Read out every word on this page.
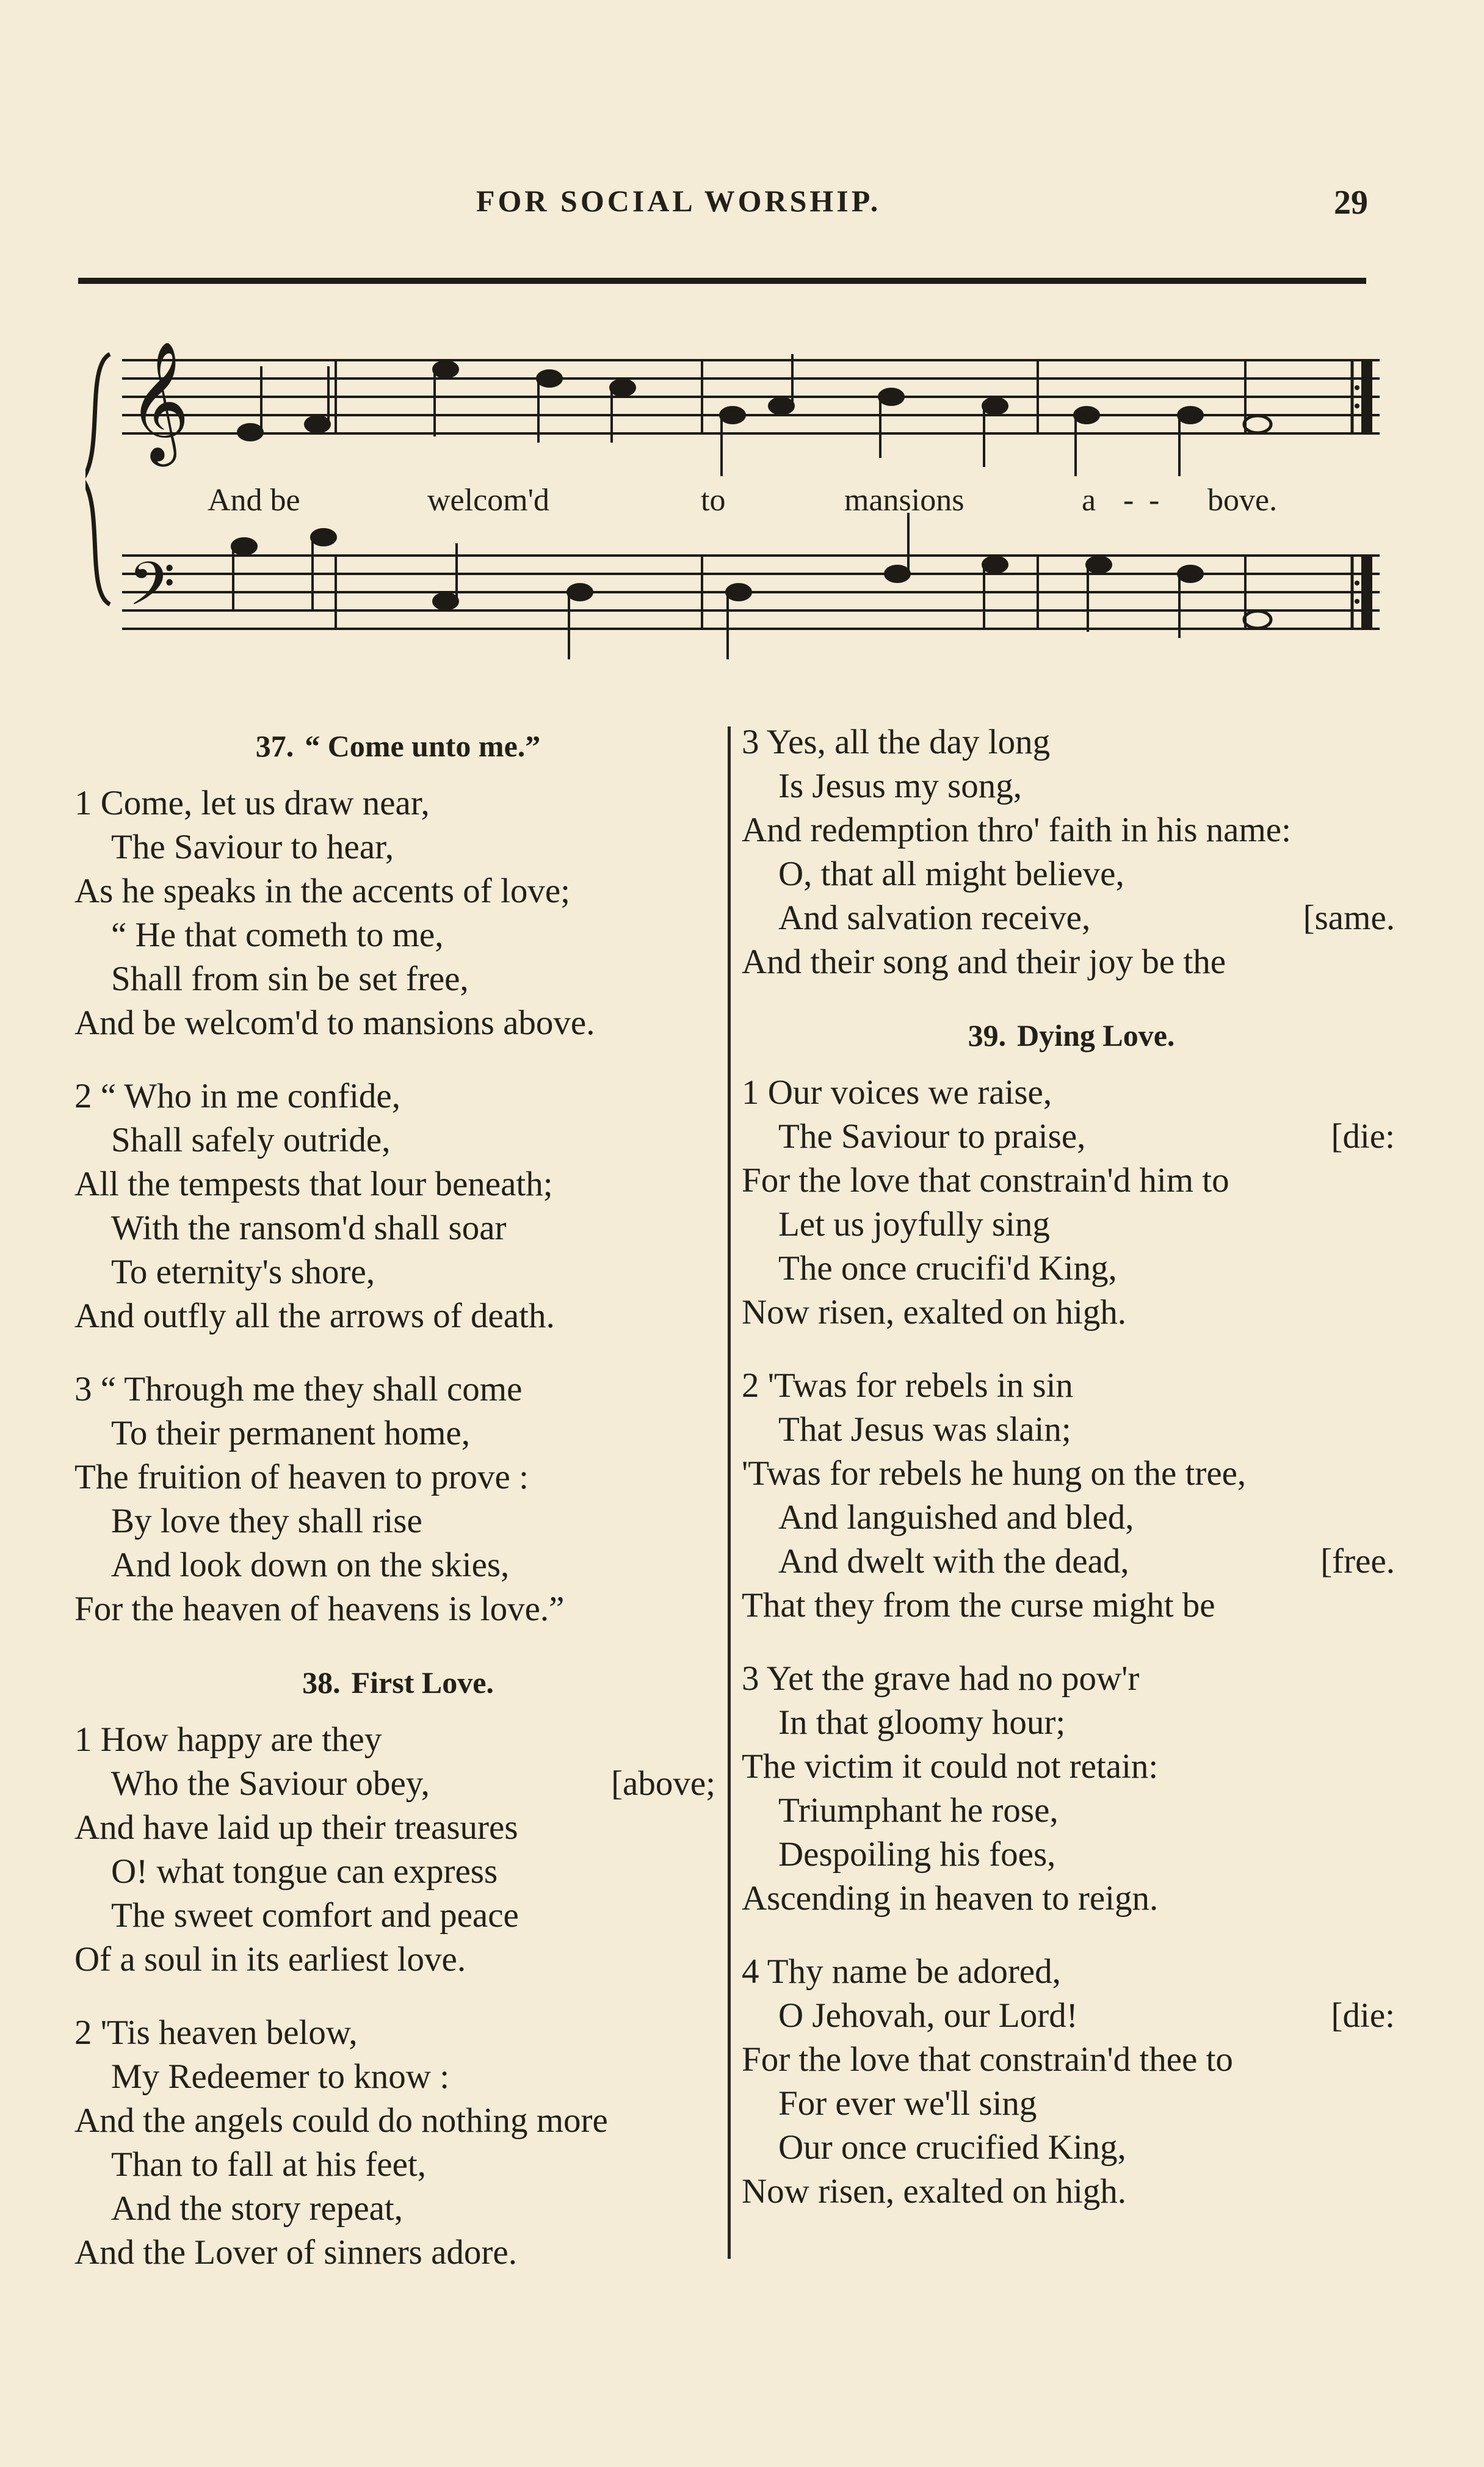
FOR SOCIAL WORSHIP.	29
𝄞
𝄢
And be	welcom'd	to	mansions	a - - bove.
37. “ Come unto me.”
1 Come, let us draw near,
The Saviour to hear,
As he speaks in the accents of love;
“ He that cometh to me,
Shall from sin be set free,
And be welcom'd to mansions above.
2 “ Who in me confide,
Shall safely outride,
All the tempests that lour beneath;
With the ransom'd shall soar
To eternity's shore,
And outfly all the arrows of death.
3 “ Through me they shall come
To their permanent home,
The fruition of heaven to prove :
By love they shall rise
And look down on the skies,
For the heaven of heavens is love.”
38. First Love.
1 How happy are they
Who the Saviour obey,	[above;
And have laid up their treasures
O! what tongue can express
The sweet comfort and peace
Of a soul in its earliest love.
2 'Tis heaven below,
My Redeemer to know :
And the angels could do nothing more
Than to fall at his feet,
And the story repeat,
And the Lover of sinners adore.
3 Yes, all the day long
Is Jesus my song,
And redemption thro' faith in his name:
O, that all might believe,
And salvation receive,	[same.
And their song and their joy be the
39. Dying Love.
1 Our voices we raise,
The Saviour to praise,	[die:
For the love that constrain'd him to
Let us joyfully sing
The once crucifi'd King,
Now risen, exalted on high.
2 'Twas for rebels in sin
That Jesus was slain;
'Twas for rebels he hung on the tree,
And languished and bled,
And dwelt with the dead,	[free.
That they from the curse might be
3 Yet the grave had no pow'r
In that gloomy hour;
The victim it could not retain:
Triumphant he rose,
Despoiling his foes,
Ascending in heaven to reign.
4 Thy name be adored,
O Jehovah, our Lord!	[die:
For the love that constrain'd thee to
For ever we'll sing
Our once crucified King,
Now risen, exalted on high.
